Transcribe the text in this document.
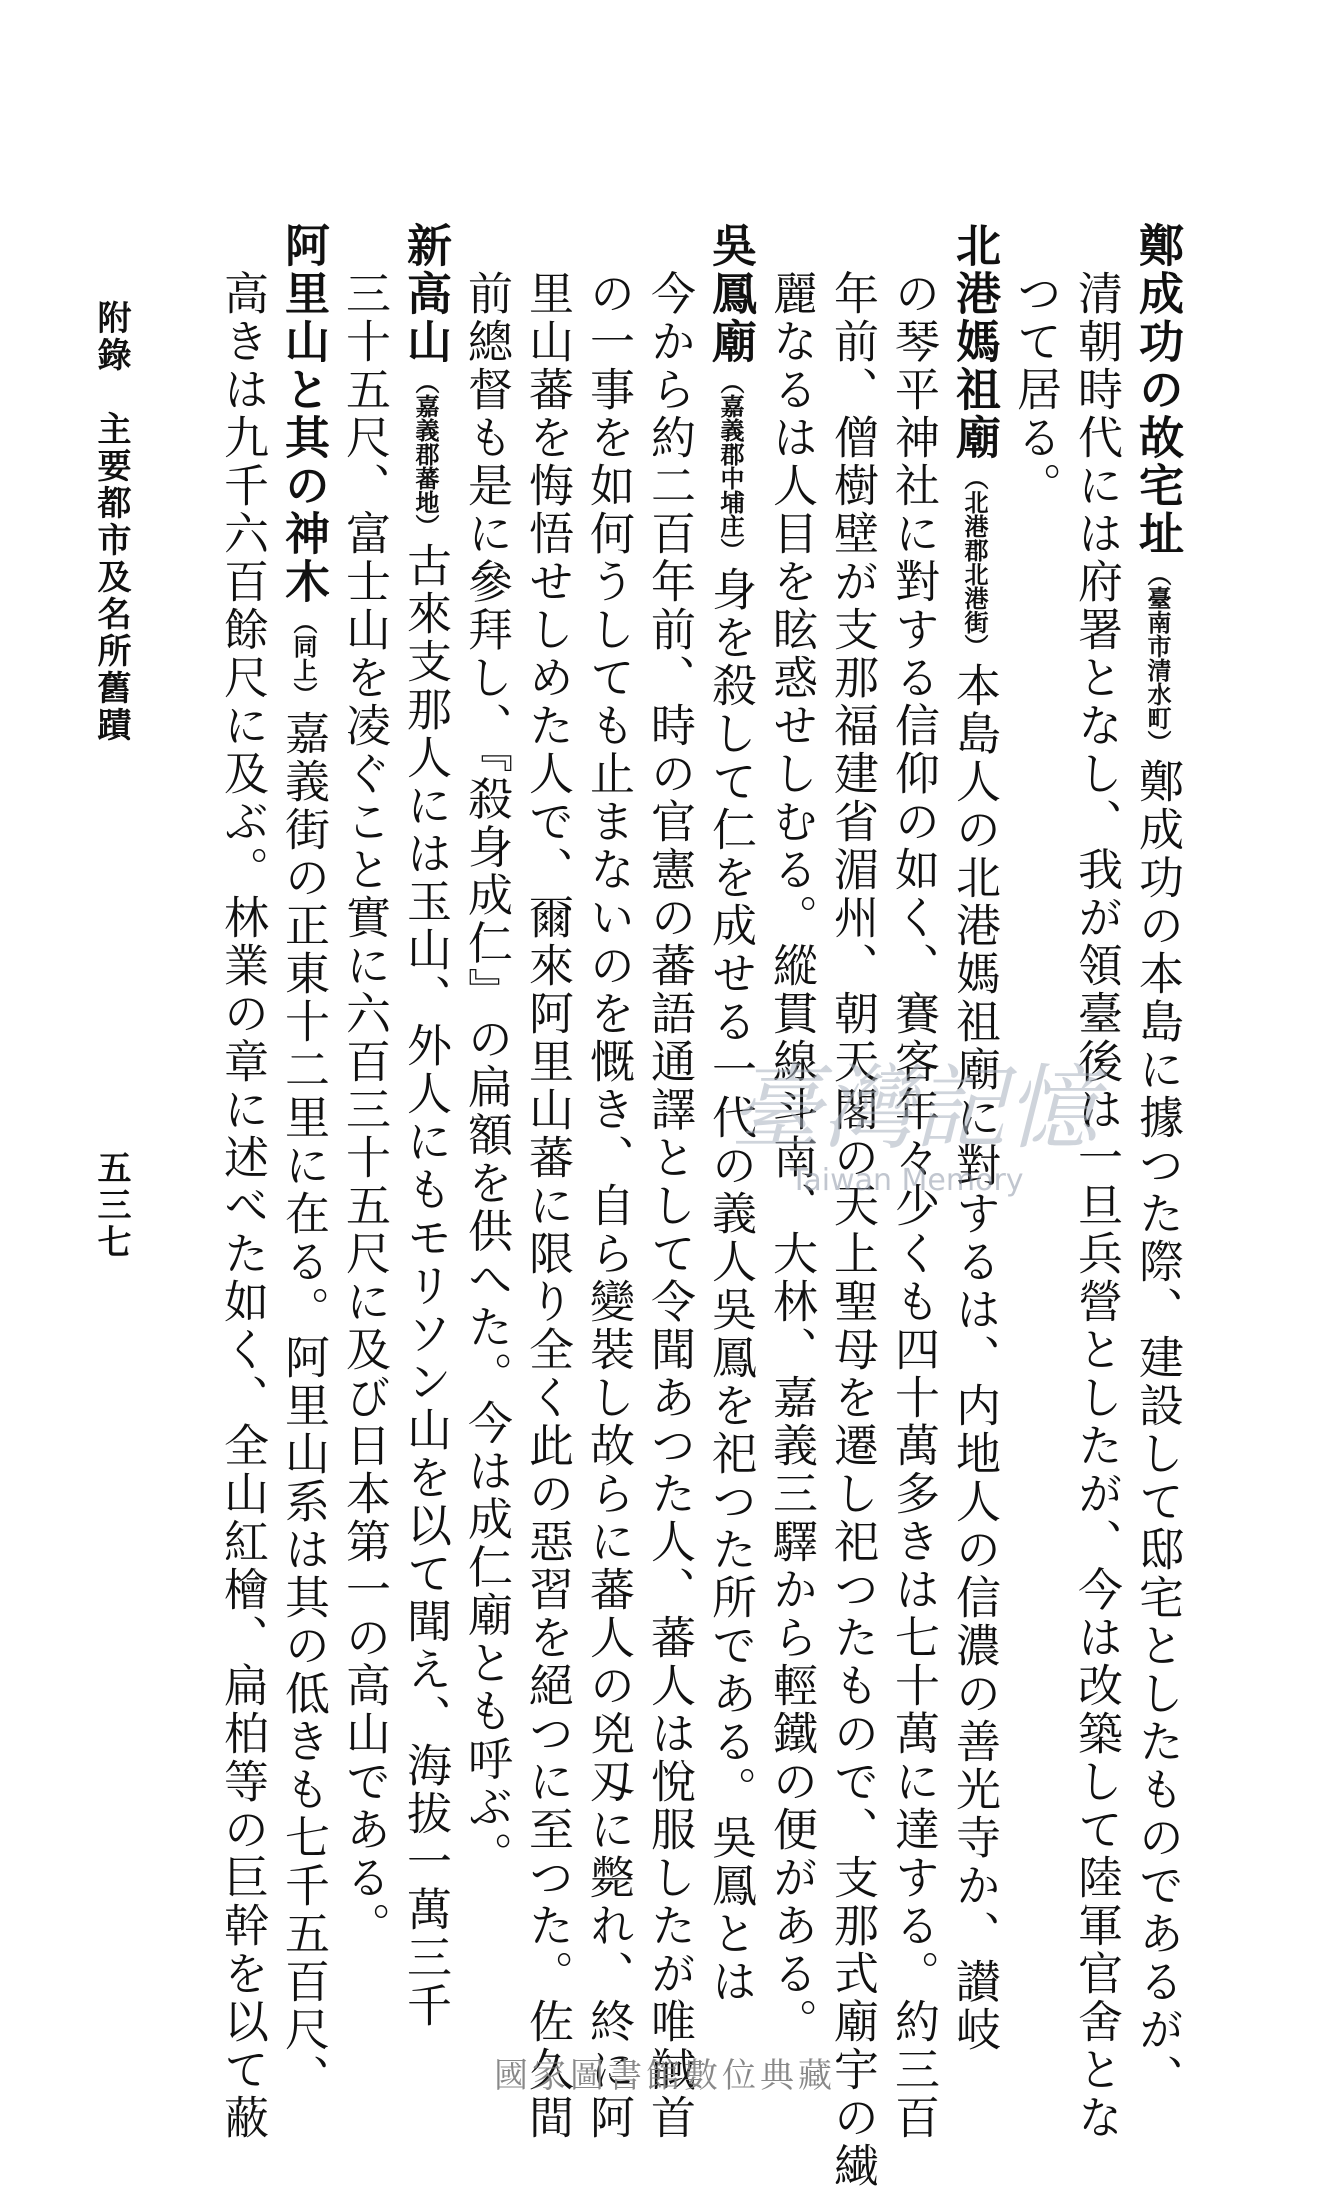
鄭成功の故宅址（臺南市清水町）鄭成功の本島に據つた際、建設して邸宅としたものであるが、
　清朝時代には府署となし、我が領臺後は一旦兵營としたが、今は改築して陸軍官舍とな
　つて居る。
北港媽祖廟（北港郡北港街）本島人の北港媽祖廟に對するは、内地人の信濃の善光寺か、讃岐
　の琴平神社に對する信仰の如く、賽客年々少くも四十萬多きは七十萬に達する。約三百
　年前、僧樹壁が支那福建省湄州、朝天閣の天上聖母を遷し祀つたもので、支那式廟宇の繊
　麗なるは人目を眩惑せしむる。縱貫線斗南、大林、嘉義三驛から輕鐵の便がある。
吳鳳廟（嘉義郡中埔庄）身を殺して仁を成せる一代の義人吳鳳を祀つた所である。吳鳳とは
　今から約二百年前、時の官憲の蕃語通譯として令聞あつた人、蕃人は悅服したが唯馘首
　の一事を如何うしても止まないのを慨き、自ら變裝し故らに蕃人の兇刄に斃れ、終に阿
　里山蕃を悔悟せしめた人で、爾來阿里山蕃に限り全く此の惡習を絕つに至つた。佐久間
　前總督も是に參拜し、『殺身成仁』の扁額を供へた。今は成仁廟とも呼ぶ。
新高山（嘉義郡蕃地）古來支那人には玉山、外人にもモリソン山を以て聞え、海拔一萬三千
　三十五尺、富士山を凌ぐこと實に六百三十五尺に及び日本第一の高山である。
阿里山と其の神木（同上）嘉義街の正東十二里に在る。阿里山系は其の低きも七千五百尺、
　高きは九千六百餘尺に及ぶ。林業の章に述べた如く、全山紅檜、扁柏等の巨幹を以て蔽
附錄　主要都市及名所舊蹟
五三七
臺灣記憶
Taiwan Memory
國家圖書館數位典藏
